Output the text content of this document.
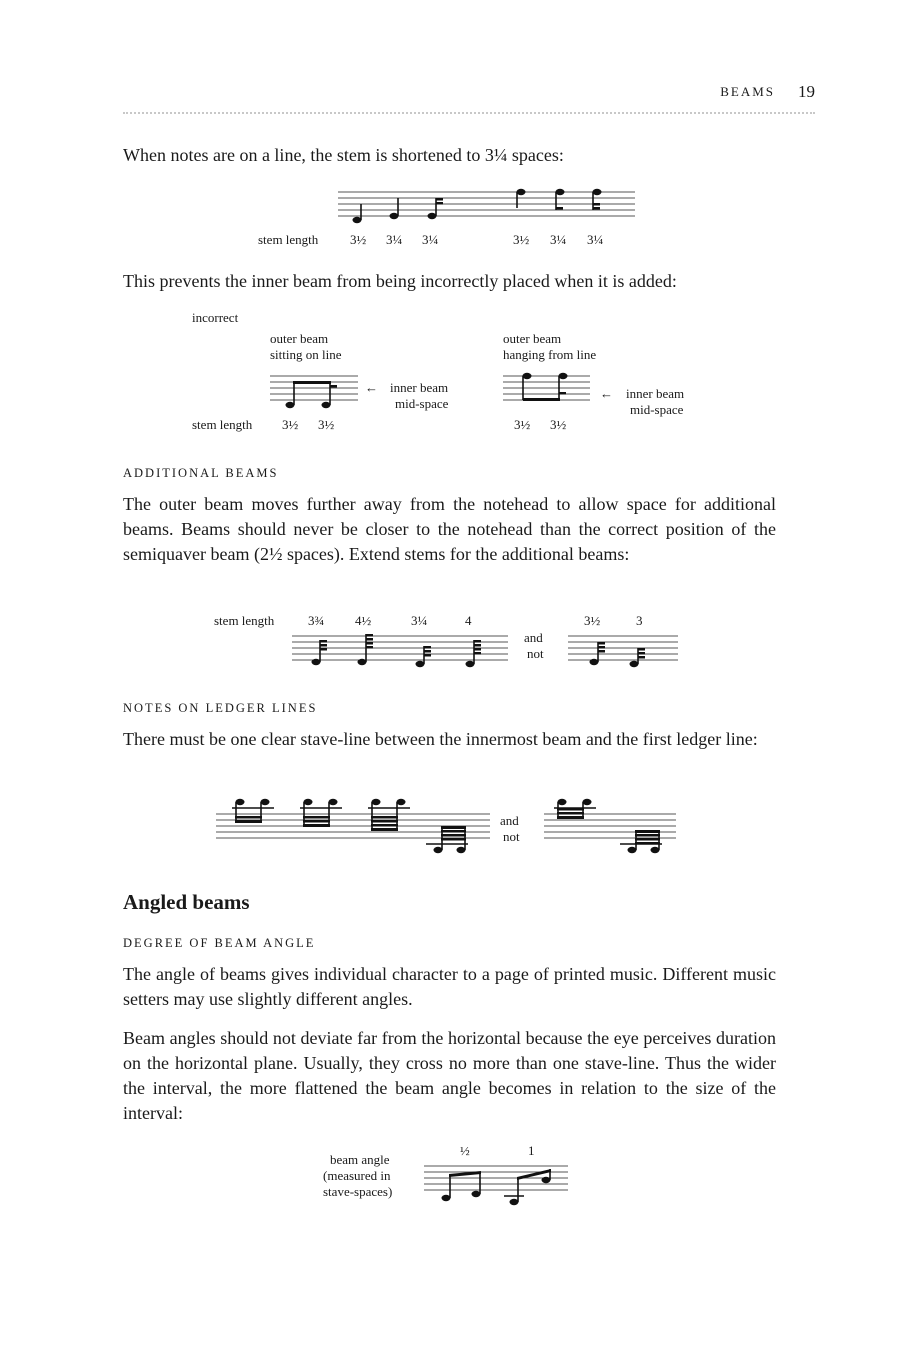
BEAMS 19

When notes are on a line, the stem is shortened to 3¼ spaces:

stem length 3½ 3¼ 3¼	3½ 3¼ 3¼

This prevents the inner beam from being incorrectly placed when it is added:

incorrect
outer beam
sitting on line
outer beam
hanging from line
← inner beam
mid-space
← inner beam
mid-space
stem length 3½ 3½	3½ 3½
ADDITIONAL BEAMS

The outer beam moves further away from the notehead to allow space for additional beams. Beams should never be closer to the notehead than the correct position of the semiquaver beam (2½ spaces). Extend stems for the additional beams:

stem length	3¾ 4½	3¼	4
and
not
3½	3
NOTES ON LEDGER LINES

There must be one clear stave-line between the innermost beam and the first ledger line:

and
not
Angled beams
DEGREE OF BEAM ANGLE

The angle of beams gives individual character to a page of printed music. Different music setters may use slightly different angles.

Beam angles should not deviate far from the horizontal because the eye perceives duration on the horizontal plane. Usually, they cross no more than one stave-line. Thus the wider the interval, the more flattened the beam angle becomes in relation to the size of the interval:

beam angle
(measured in
stave-spaces)
½	1
